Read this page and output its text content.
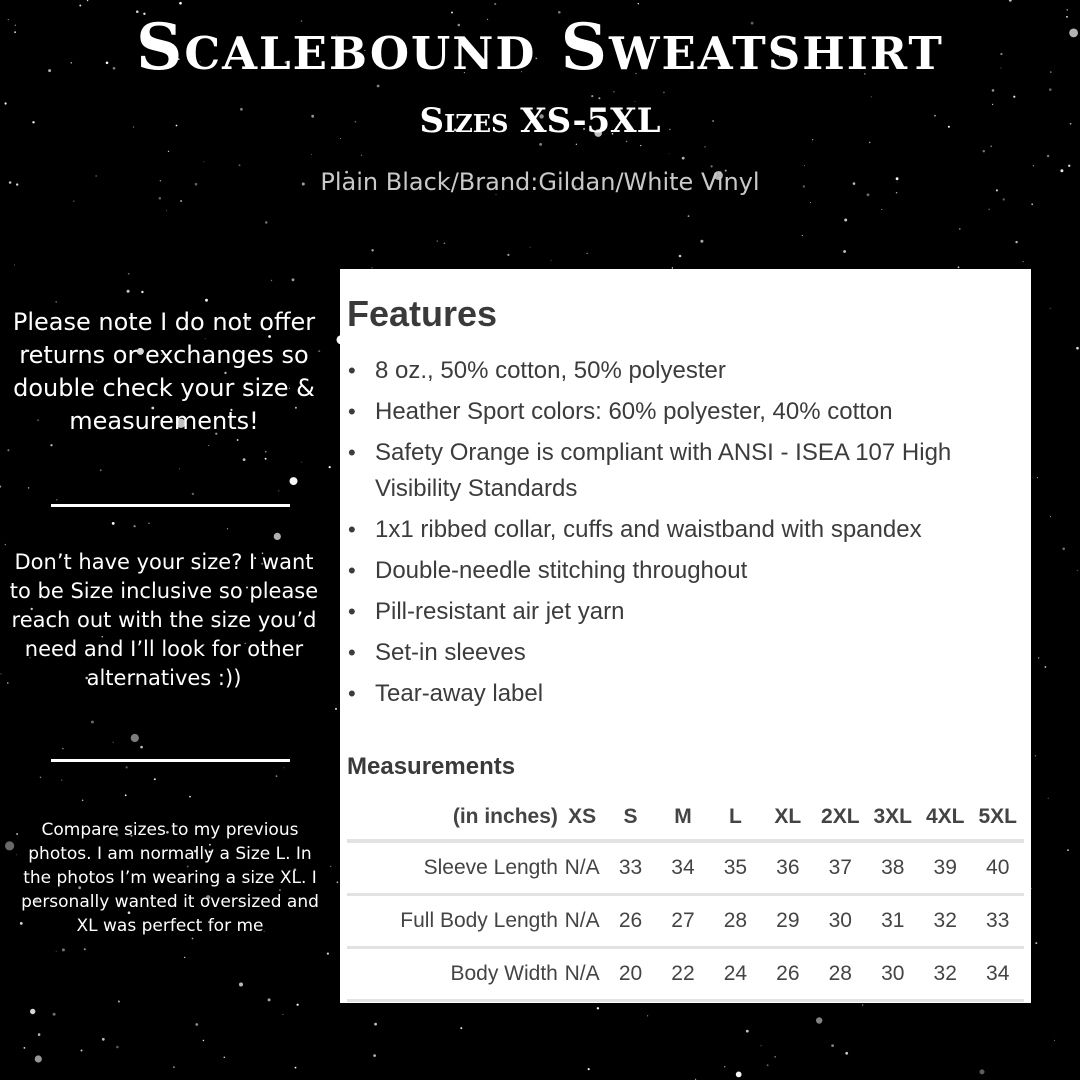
Scalebound Sweatshirt
Sizes XS-5XL
Plain Black/Brand:Gildan/White Vinyl
Please note I do not offer returns or exchanges so double check your size & measurements!
Don’t have your size? I want to be Size inclusive so please reach out with the size you’d need and I’ll look for other alternatives :))
Compare sizes to my previous photos. I am normally a Size L. In the photos I’m wearing a size XL. I personally wanted it oversized and XL was perfect for me
Features
• 8 oz., 50% cotton, 50% polyester
• Heather Sport colors: 60% polyester, 40% cotton
• Safety Orange is compliant with ANSI - ISEA 107 High Visibility Standards
• 1x1 ribbed collar, cuffs and waistband with spandex
• Double-needle stitching throughout
• Pill-resistant air jet yarn
• Set-in sleeves
• Tear-away label
Measurements
(in inches)	XS	S	M	L	XL	2XL	3XL	4XL	5XL
Sleeve Length	N/A	33	34	35	36	37	38	39	40
Full Body Length	N/A	26	27	28	29	30	31	32	33
Body Width	N/A	20	22	24	26	28	30	32	34
